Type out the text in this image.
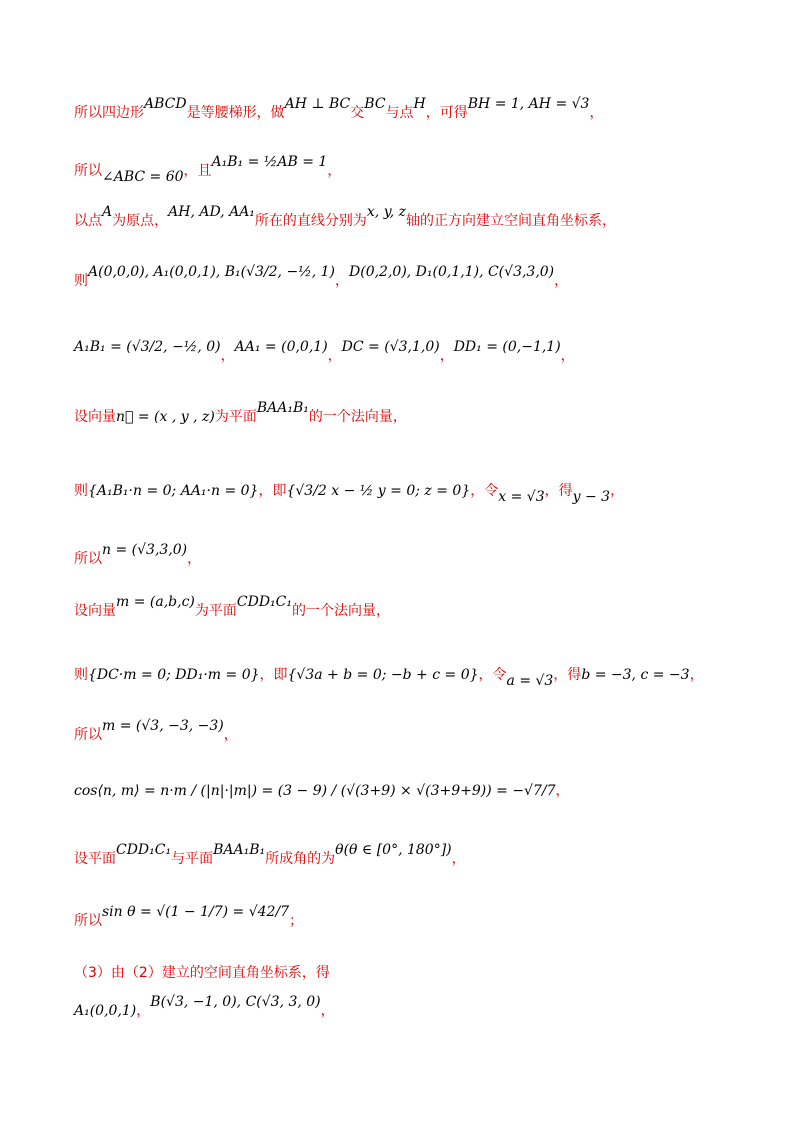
所以四边形ABCD是等腰梯形，做AH ⊥ BC交BC与点H，可得BH = 1, AH = √3，
所以∠ABC = 60，且A₁B₁ = ½AB = 1，
以点A为原点，AH, AD, AA₁所在的直线分别为x, y, z轴的正方向建立空间直角坐标系，
则A(0,0,0), A₁(0,0,1), B₁(√3/2, −½, 1)，D(0,2,0), D₁(0,1,1), C(√3,3,0)，
A₁B₁ = (√3/2, −½, 0)，AA₁ = (0,0,1)，DC = (√3,1,0)，DD₁ = (0,−1,1)，
设向量n⃗ = (x , y , z)为平面BAA₁B₁的一个法向量，
则{A₁B₁·n = 0; AA₁·n = 0}，即{√3/2 x − ½ y = 0; z = 0}，令x = √3，得y − 3，
所以n = (√3,3,0)，
设向量m = (a,b,c)为平面CDD₁C₁的一个法向量，
则{DC·m = 0; DD₁·m = 0}，即{√3a + b = 0; −b + c = 0}，令a = √3，得b = −3, c = −3，
所以m = (√3, −3, −3)，
cos⟨n, m⟩ = n·m / (|n|·|m|) = (3 − 9) / (√(3+9) × √(3+9+9)) = −√7/7，
设平面CDD₁C₁与平面BAA₁B₁所成角的为θ(θ ∈ [0°, 180°])，
所以sin θ = √(1 − 1/7) = √42/7；
（3）由（2）建立的空间直角坐标系，得
A₁(0,0,1)，B(√3, −1, 0), C(√3, 3, 0)，
